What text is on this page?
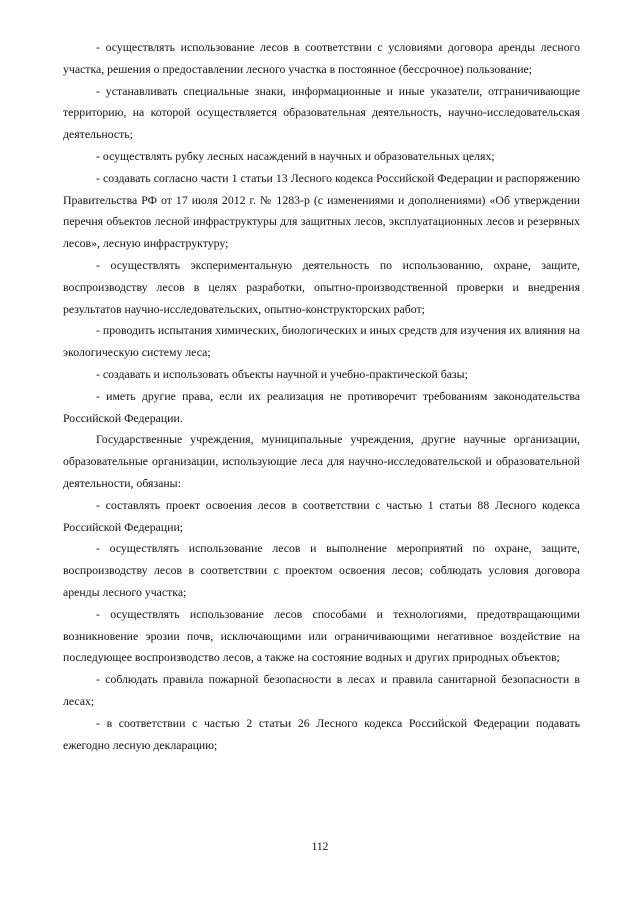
- осуществлять использование лесов в соответствии с условиями договора аренды лесного участка, решения о предоставлении лесного участка в постоянное (бессрочное) пользование;

- устанавливать специальные знаки, информационные и иные указатели, отграничивающие территорию, на которой осуществляется образовательная деятельность, научно-исследовательская деятельность;

- осуществлять рубку лесных насаждений в научных и образовательных целях;

- создавать согласно части 1 статьи 13 Лесного кодекса Российской Федерации и распоряжению Правительства РФ от 17 июля 2012 г. № 1283-р (с изменениями и дополнениями) «Об утверждении перечня объектов лесной инфраструктуры для защитных лесов, эксплуатационных лесов и резервных лесов», лесную инфраструктуру;

- осуществлять экспериментальную деятельность по использованию, охране, защите, воспроизводству лесов в целях разработки, опытно-производственной проверки и внедрения результатов научно-исследовательских, опытно-конструкторских работ;

- проводить испытания химических, биологических и иных средств для изучения их влияния на экологическую систему леса;

- создавать и использовать объекты научной и учебно-практической базы;

- иметь другие права, если их реализация не противоречит требованиям законодательства Российской Федерации.

Государственные учреждения, муниципальные учреждения, другие научные организации, образовательные организации, использующие леса для научно-исследовательской и образовательной деятельности, обязаны:

- составлять проект освоения лесов в соответствии с частью 1 статьи 88 Лесного кодекса Российской Федерации;

- осуществлять использование лесов и выполнение мероприятий по охране, защите, воспроизводству лесов в соответствии с проектом освоения лесов; соблюдать условия договора аренды лесного участка;

- осуществлять использование лесов способами и технологиями, предотвращающими возникновение эрозии почв, исключающими или ограничивающими негативное воздействие на последующее воспроизводство лесов, а также на состояние водных и других природных объектов;

- соблюдать правила пожарной безопасности в лесах и правила санитарной безопасности в лесах;

- в соответствии с частью 2 статьи 26 Лесного кодекса Российской Федерации подавать ежегодно лесную декларацию;

112
